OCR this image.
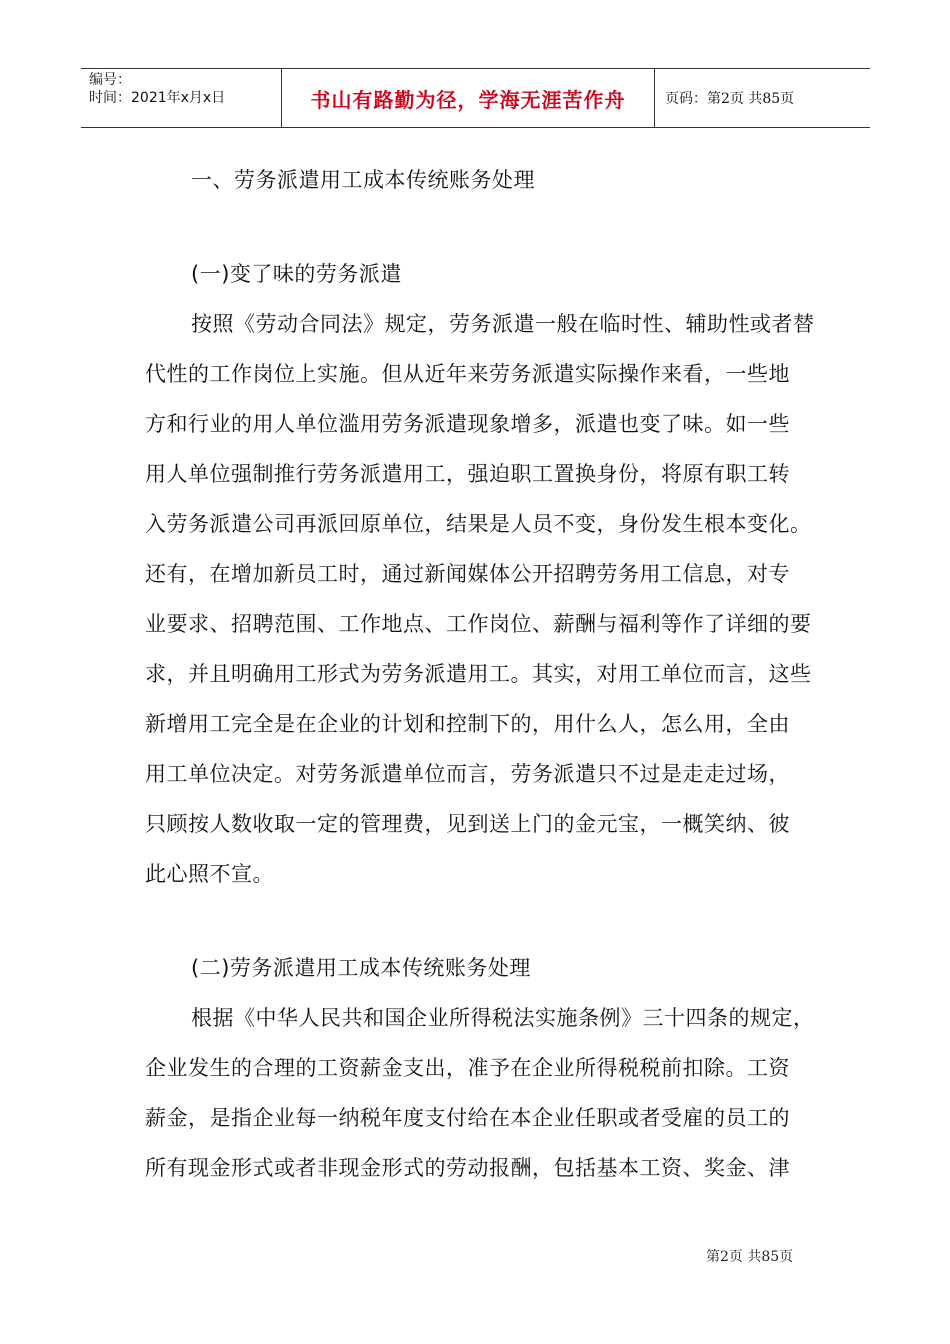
编号：
时间：2021年x月x日	书山有路勤为径，学海无涯苦作舟	页码：第2页 共85页
一、劳务派遣用工成本传统账务处理
(一)变了味的劳务派遣
按照《劳动合同法》规定，劳务派遣一般在临时性、辅助性或者替
代性的工作岗位上实施。但从近年来劳务派遣实际操作来看，一些地
方和行业的用人单位滥用劳务派遣现象增多，派遣也变了味。如一些
用人单位强制推行劳务派遣用工，强迫职工置换身份，将原有职工转
入劳务派遣公司再派回原单位，结果是人员不变，身份发生根本变化。
还有，在增加新员工时，通过新闻媒体公开招聘劳务用工信息，对专
业要求、招聘范围、工作地点、工作岗位、薪酬与福利等作了详细的要
求，并且明确用工形式为劳务派遣用工。其实，对用工单位而言，这些
新增用工完全是在企业的计划和控制下的，用什么人，怎么用，全由
用工单位决定。对劳务派遣单位而言，劳务派遣只不过是走走过场，
只顾按人数收取一定的管理费，见到送上门的金元宝，一概笑纳、彼
此心照不宣。
(二)劳务派遣用工成本传统账务处理
根据《中华人民共和国企业所得税法实施条例》三十四条的规定，
企业发生的合理的工资薪金支出，准予在企业所得税税前扣除。工资
薪金，是指企业每一纳税年度支付给在本企业任职或者受雇的员工的
所有现金形式或者非现金形式的劳动报酬，包括基本工资、奖金、津
第2页 共85页
